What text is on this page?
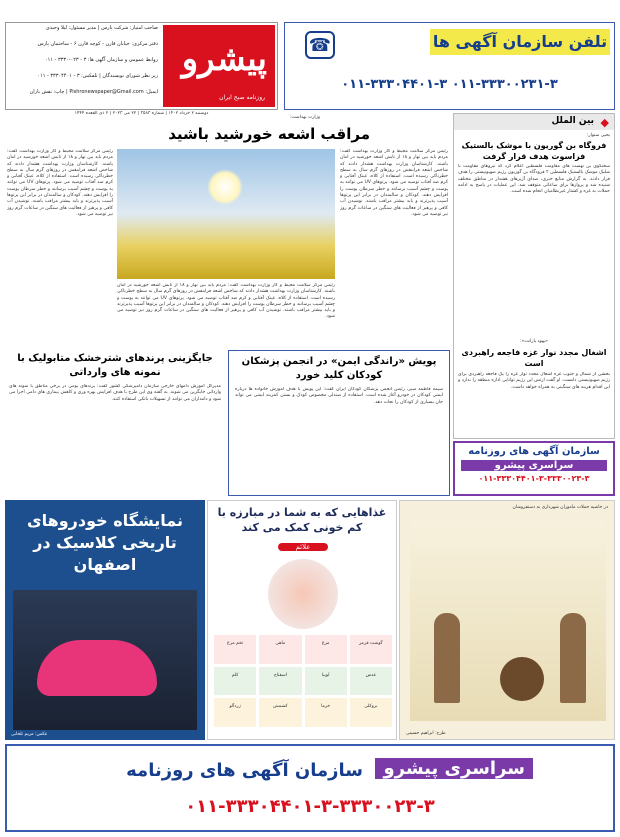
صاحب امتیاز: شرکت پارس | مدیر مسئول: لیلا وحیدی
دفتر مرکزی: خیابان قارن - کوچه قارن ۶ - ساختمان پارس
روابط عمومی و سازمان آگهی ها: ۳ - ۰۲۳-۳۳۳۰ - ۰۱۱
زیر نظر شورای نویسندگان | تلفکس: ۳ - ۳۳۳۰۴۴۰۱ - ۰۱۱
ایمیل: Pishronewspaper@Gmail.com | چاپ: نقش باران
پیشرو
روزنامه صبح ایران
دوشنبه ۲ خرداد ۱۴۰۲ | شماره ۳۵۸۳ | ۲۲ می ۲۰۲۳ | ۲ ذی القعده ۱۴۴۴
تلفن سازمان آگهی ها
☎
۰۱۱-۳۳۳۰۴۴۰۱-۳ ۰۱۱-۳۳۳۰۰۲۳۱-۳
◆
بین الملل
یحیی سنوار:
فروگاه بن گوریون با موشک بالستیک فراسوت هدف قرار گرفت
سخنگوی بن نهضت های مقاومت فلسطین اعلام کرد که نیروهای مقاومت با شلیک موشک بالستیک فلسطین ۲ فرودگاه بن گوریون رژیم صهیونیستی را هدف قرار دادند. به گزارش منابع خبری، صدای آژیرهای هشدار در مناطق مختلف شنیده شد و پروازها برای ساعاتی متوقف شد. این عملیات در پاسخ به ادامه حملات به غزه و کشتار غیرنظامیان انجام شده است.
«یهود یارانت»:
اشغال مجدد نوار غزه فاجعه راهبردی است
بخشی از شمال و جنوب غزه اشغال مجدد نوار غزه را یک فاجعه راهبردی برای رژیم صهیونیستی دانست. او گفت ارتش این رژیم توانایی اداره منطقه را ندارد و این اقدام هزینه های سنگینی به همراه خواهد داشت.
سازمان آگهی های روزنامه
سراسری پیشرو
۰۱۱-۳۳۳۰۴۴۰۱-۳-۳۳۳۰۰۲۳-۳
وزارت بهداشت:
مراقب اشعه خورشید باشید
رئیس مرکز سلامت محیط و کار وزارت بهداشت گفت: مردم باید بین نهار و ۱۸ از تابش اشعه خورشید در امان باشند. کارشناسان وزارت بهداشت هشدار دادند که شاخص اشعه فرابنفش در روزهای گرم سال به سطح خطرناکی رسیده است. استفاده از کلاه، عینک آفتابی و کرم ضد آفتاب توصیه می شود. پرتوهای UV می توانند به پوست و چشم آسیب برسانند و خطر سرطان پوست را افزایش دهند. کودکان و سالمندان در برابر این پرتوها آسیب پذیرترند و باید بیشتر مراقب باشند. نوشیدن آب کافی و پرهیز از فعالیت های سنگین در ساعات گرم روز نیز توصیه می شود.
رئیس مرکز سلامت محیط و کار وزارت بهداشت گفت: مردم باید بین نهار و ۱۸ از تابش اشعه خورشید در امان باشند. کارشناسان وزارت بهداشت هشدار دادند که شاخص اشعه فرابنفش در روزهای گرم سال به سطح خطرناکی رسیده است. استفاده از کلاه، عینک آفتابی و کرم ضد آفتاب توصیه می شود. پرتوهای UV می توانند به پوست و چشم آسیب برسانند و خطر سرطان پوست را افزایش دهند. کودکان و سالمندان در برابر این پرتوها آسیب پذیرترند و باید بیشتر مراقب باشند. نوشیدن آب کافی و پرهیز از فعالیت های سنگین در ساعات گرم روز نیز توصیه می شود.
رئیس مرکز سلامت محیط و کار وزارت بهداشت گفت: مردم باید بین نهار و ۱۸ از تابش اشعه خورشید در امان باشند. کارشناسان وزارت بهداشت هشدار دادند که شاخص اشعه فرابنفش در روزهای گرم سال به سطح خطرناکی رسیده است. استفاده از کلاه، عینک آفتابی و کرم ضد آفتاب توصیه می شود. پرتوهای UV می توانند به پوست و چشم آسیب برسانند و خطر سرطان پوست را افزایش دهند. کودکان و سالمندان در برابر این پرتوها آسیب پذیرترند و باید بیشتر مراقب باشند. نوشیدن آب کافی و پرهیز از فعالیت های سنگین در ساعات گرم روز نیز توصیه می شود.
پویش «راندگی ایمن» در انجمن پزشکان کودکان کلید خورد
سیمه فاطمه سیر، رئیس انجمن پزشکان کودکان ایران گفت: این پویش با هدف آموزش خانواده ها درباره ایمنی کودکان در خودرو آغاز شده است. استفاده از صندلی مخصوص کودک و بستن کمربند ایمنی می تواند جان بسیاری از کودکان را نجات دهد.
جایگزینی پرندهای شترخشک متابولیک با نمونه های وارداتی
مدیرکل آموزش دامهای خارجی سازمان دامپزشکی کشور گفت: پرندهای بومی در برخی مناطق با نمونه های وارداتی جایگزین می شوند. به گفته وی این طرح با هدف افزایش بهره وری و کاهش بیماری های دامی اجرا می شود و دامداران می توانند از تسهیلات بانکی استفاده کنند.
نمایشگاه خودروهای تاریخی کلاسیک در اصفهان
عکس: مریم تلخابی
غذاهایی که به شما در مبارزه با کم خونی کمک می کند
علائم
گوشت قرمز
مرغ
ماهی
تخم مرغ
عدس
لوبیا
اسفناج
کلم
بروکلی
خرما
کشمش
زردآلو
در حاشیه حملات ماموران شهرداری به دستفروشان
طرح: ابراهیم حسینی
سازمان آگهی های روزنامه	سراسری پیشرو
۰۱۱-۳۳۳۰۴۴۰۱-۳-۳۳۳۰۰۲۳-۳
